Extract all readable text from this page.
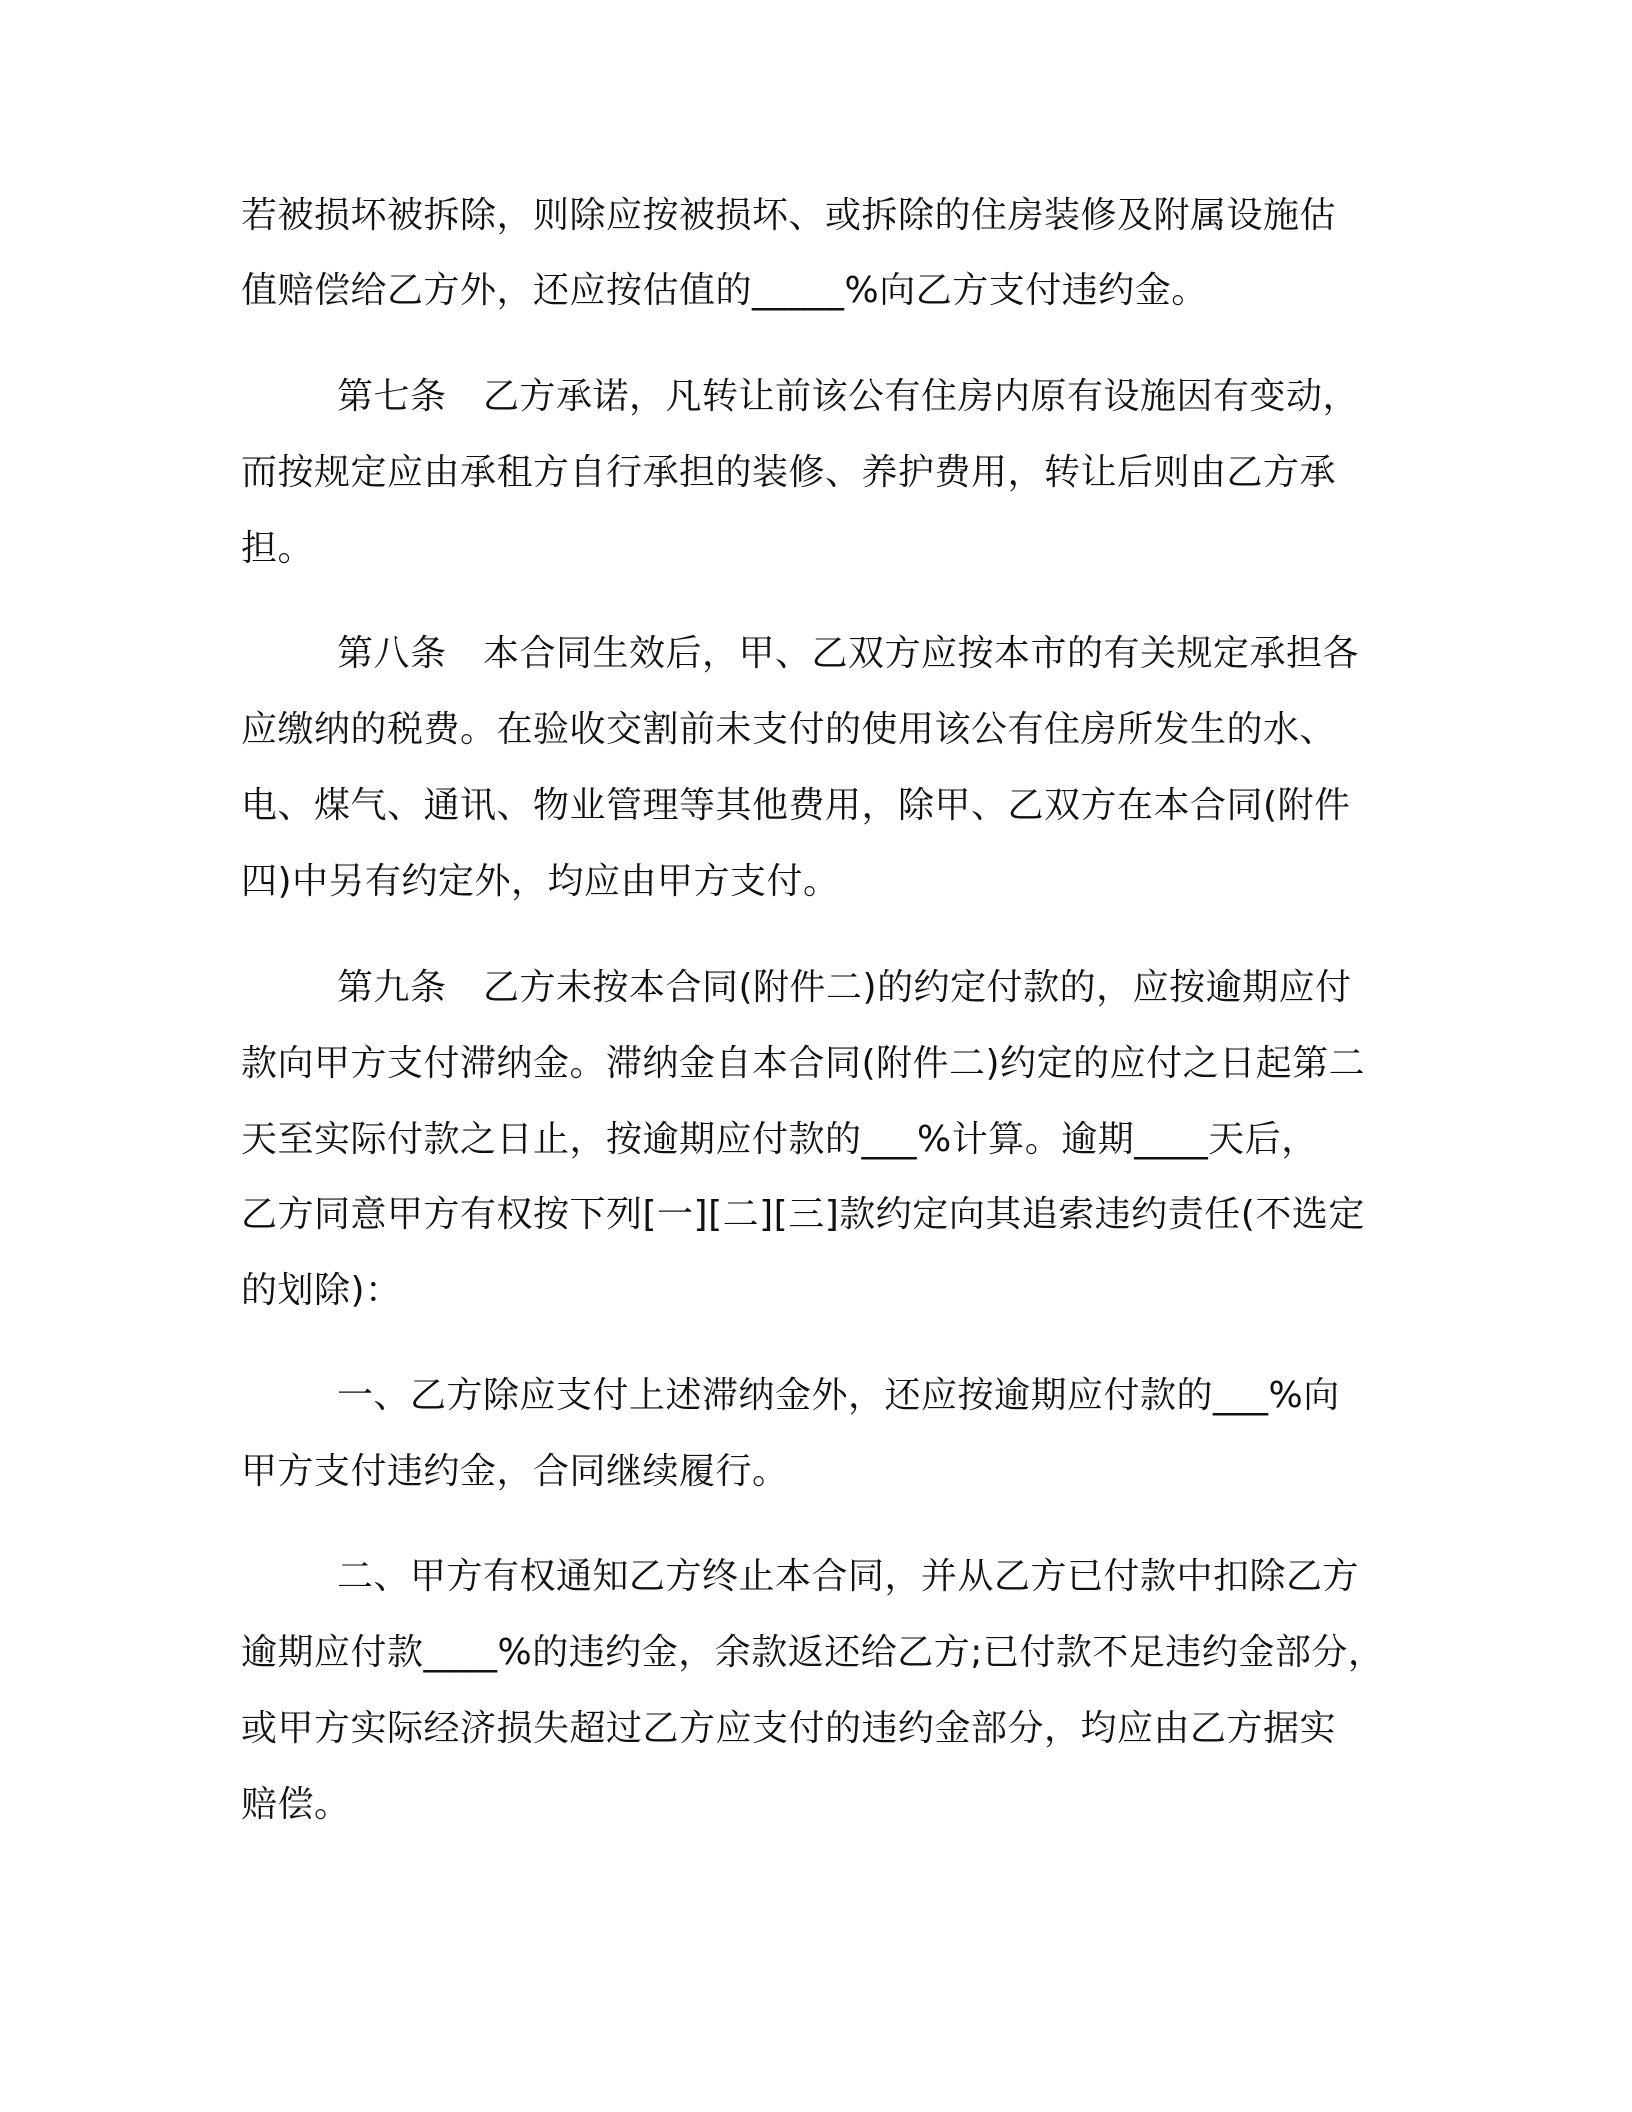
若被损坏被拆除，则除应按被损坏、或拆除的住房装修及附属设施估
值赔偿给乙方外，还应按估值的_____%向乙方支付违约金。
第七条　乙方承诺，凡转让前该公有住房内原有设施因有变动，
而按规定应由承租方自行承担的装修、养护费用，转让后则由乙方承
担。
第八条　本合同生效后，甲、乙双方应按本市的有关规定承担各
应缴纳的税费。在验收交割前未支付的使用该公有住房所发生的水、
电、煤气、通讯、物业管理等其他费用，除甲、乙双方在本合同(附件
四)中另有约定外，均应由甲方支付。
第九条　乙方未按本合同(附件二)的约定付款的，应按逾期应付
款向甲方支付滞纳金。滞纳金自本合同(附件二)约定的应付之日起第二
天至实际付款之日止，按逾期应付款的___%计算。逾期____天后，
乙方同意甲方有权按下列[一][二][三]款约定向其追索违约责任(不选定
的划除)：
一、乙方除应支付上述滞纳金外，还应按逾期应付款的___%向
甲方支付违约金，合同继续履行。
二、甲方有权通知乙方终止本合同，并从乙方已付款中扣除乙方
逾期应付款____%的违约金，余款返还给乙方;已付款不足违约金部分，
或甲方实际经济损失超过乙方应支付的违约金部分，均应由乙方据实
赔偿。
